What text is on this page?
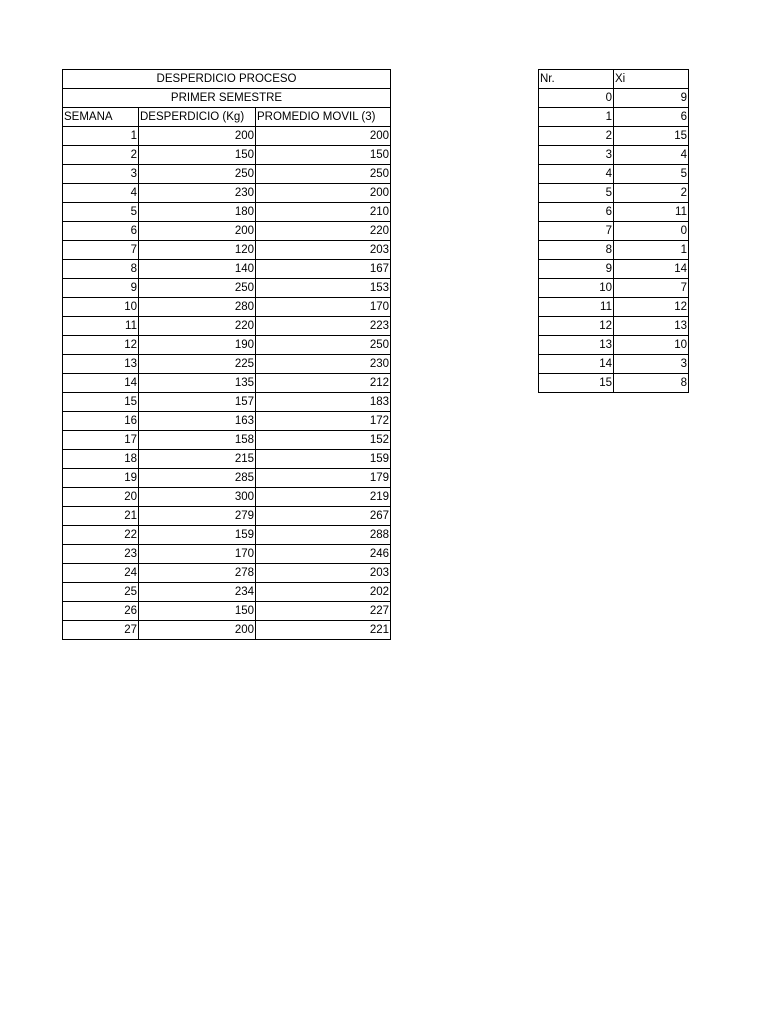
DESPERDICIO PROCESO		
PRIMER SEMESTRE		
SEMANA	DESPERDICIO (Kg)	PROMEDIO MOVIL (3)
1	200	200
2	150	150
3	250	250
4	230	200
5	180	210
6	200	220
7	120	203
8	140	167
9	250	153
10	280	170
11	220	223
12	190	250
13	225	230
14	135	212
15	157	183
16	163	172
17	158	152
18	215	159
19	285	179
20	300	219
21	279	267
22	159	288
23	170	246
24	278	203
25	234	202
26	150	227
27	200	221
Nr.	Xi
0	9
1	6
2	15
3	4
4	5
5	2
6	11
7	0
8	1
9	14
10	7
11	12
12	13
13	10
14	3
15	8
